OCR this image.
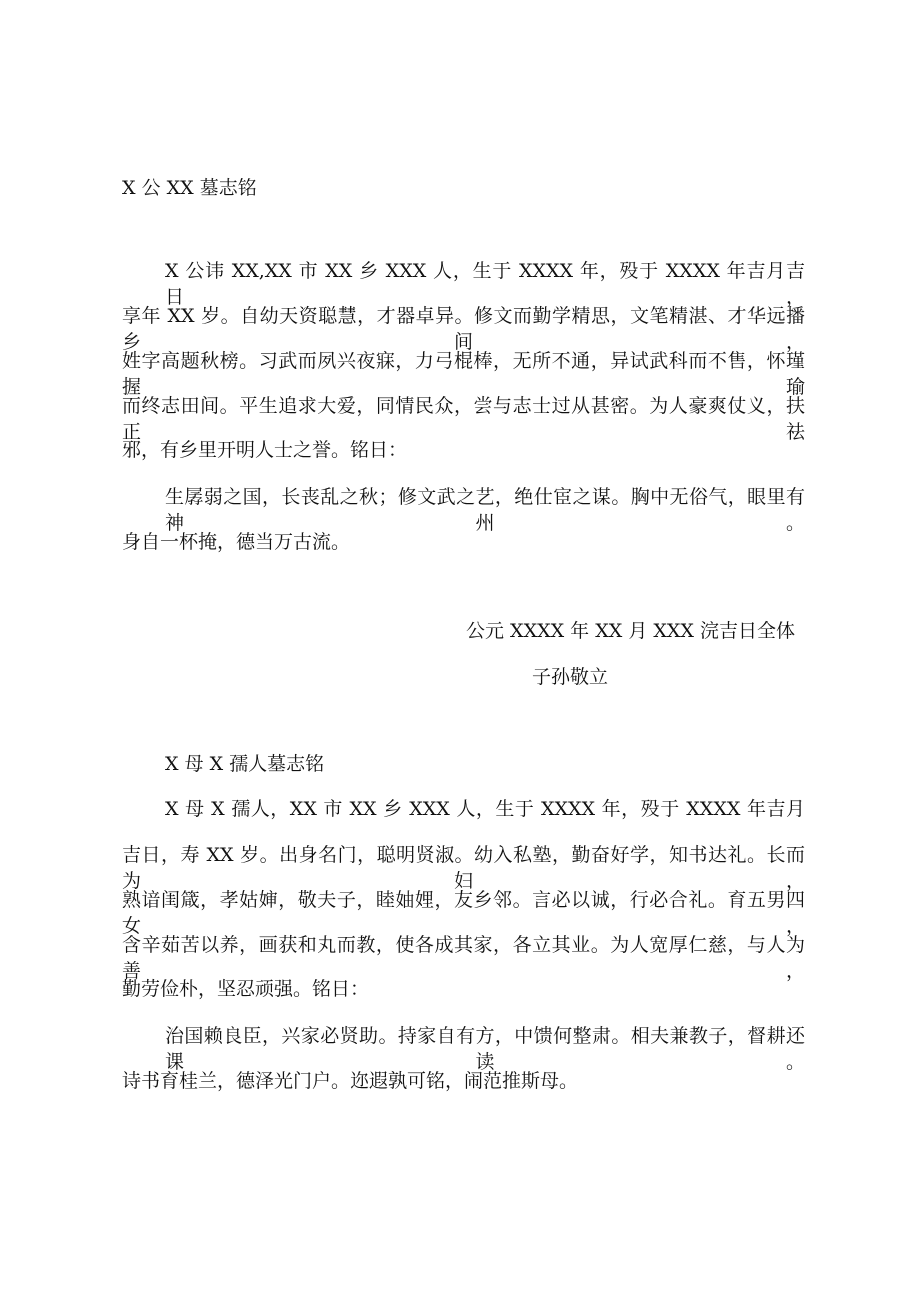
X 公 XX 墓志铭
X 公讳 XX,XX 市 XX 乡 XXX 人，生于 XXXX 年，殁于 XXXX 年吉月吉日，
享年 XX 岁。自幼天资聪慧，才器卓异。修文而勤学精思，文笔精湛、才华远播乡间，
姓字高题秋榜。习武而夙兴夜寐，力弓棍棒，无所不通，异试武科而不售，怀瑾握瑜
而终志田间。平生追求大爱，同情民众，尝与志士过从甚密。为人豪爽仗义，扶正祛
邪，有乡里开明人士之誉。铭日：
生孱弱之国，长丧乱之秋；修文武之艺，绝仕宦之谋。胸中无俗气，眼里有神州。
身自一杯掩，德当万古流。
公元 XXXX 年 XX 月 XXX 浣吉日全体
子孙敬立
X 母 X 孺人墓志铭
X 母 X 孺人，XX 市 XX 乡 XXX 人，生于 XXXX 年，殁于 XXXX 年吉月
吉日，寿 XX 岁。出身名门，聪明贤淑。幼入私塾，勤奋好学，知书达礼。长而为妇，
熟谙闺箴，孝姑婶，敬夫子，睦妯娌，友乡邻。言必以诚，行必合礼。育五男四女，
含辛茹苦以养，画获和丸而教，使各成其家，各立其业。为人宽厚仁慈，与人为善，
勤劳俭朴，坚忍顽强。铭日：
治国赖良臣，兴家必贤助。持家自有方，中馈何整肃。相夫兼教子，督耕还课读。
诗书育桂兰，德泽光门户。迩遐孰可铭，闹范推斯母。
